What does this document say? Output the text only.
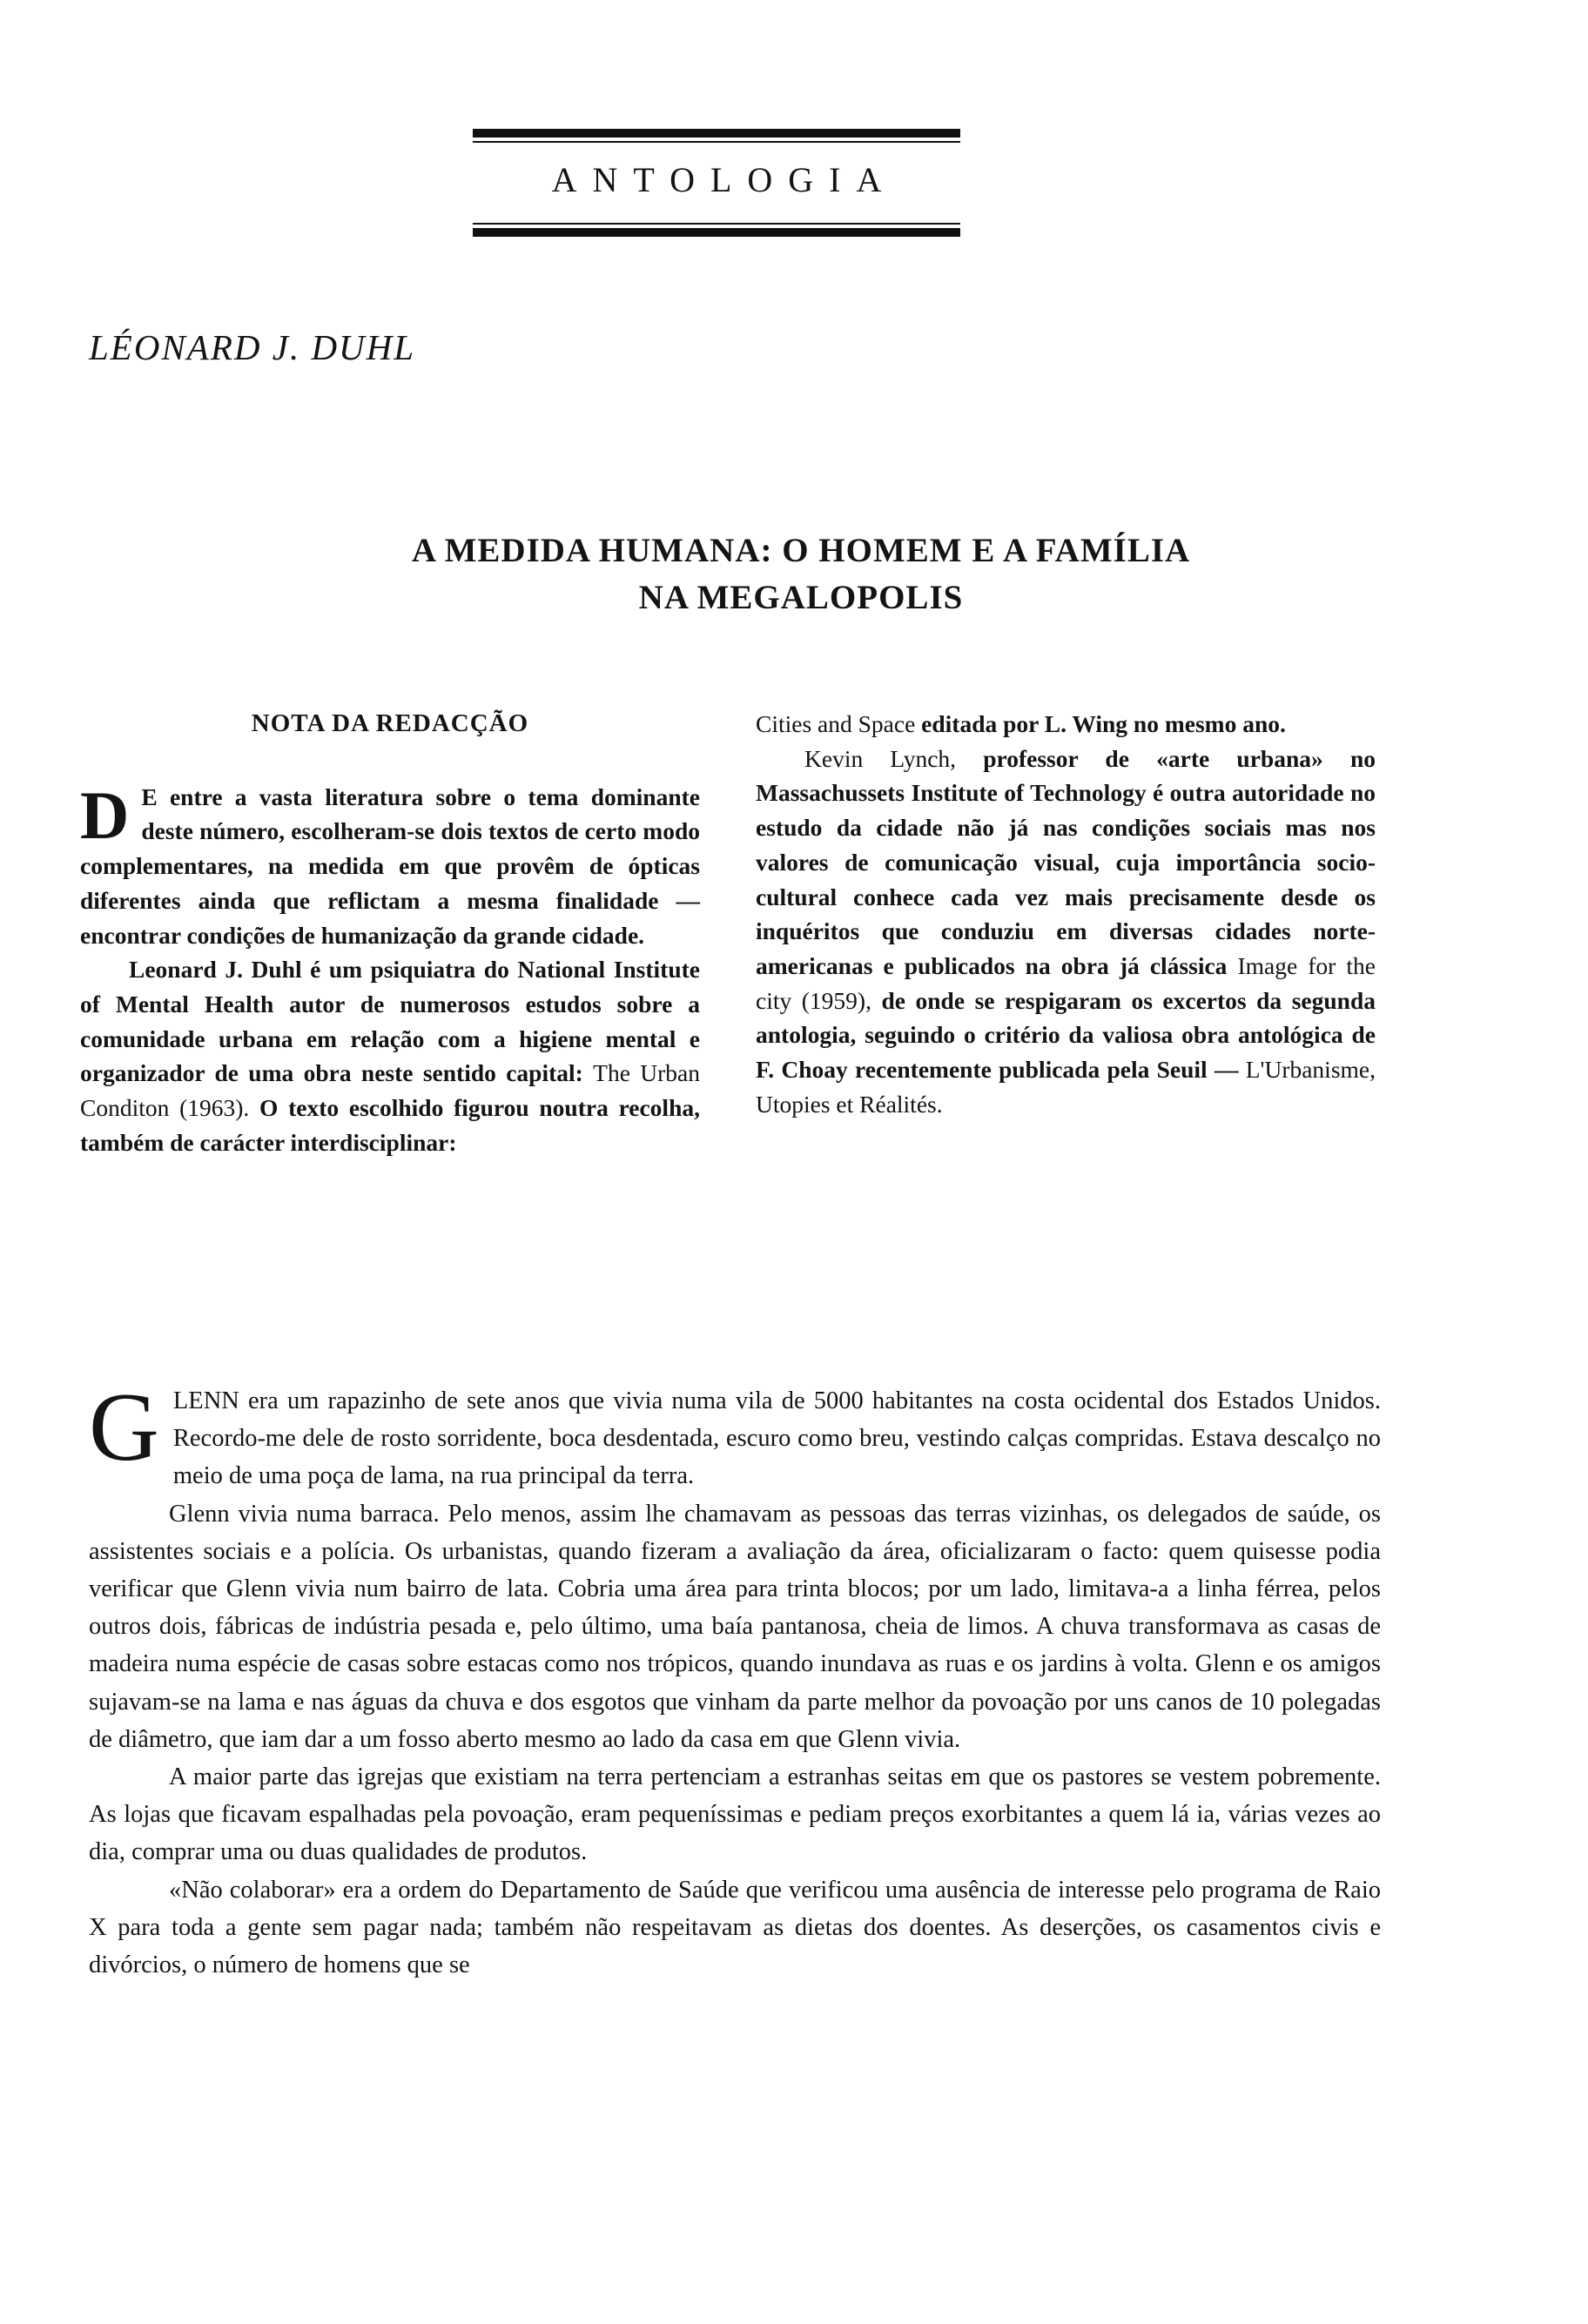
ANTOLOGIA
LÉONARD J. DUHL
A MEDIDA HUMANA: O HOMEM E A FAMÍLIA
NA MEGALOPOLIS
NOTA DA REDACÇÃO

D E entre a vasta literatura sobre o tema dominante deste número, escolheram-se dois textos de certo modo complementares, na medida em que provêm de ópticas diferentes ainda que reflictam a mesma finalidade — encontrar condições de humanização da grande cidade.

Leonard J. Duhl é um psiquiatra do National Institute of Mental Health autor de numerosos estudos sobre a comunidade urbana em relação com a higiene mental e organizador de uma obra neste sentido capital: The Urban Conditon (1963). O texto escolhido figurou noutra recolha, também de carácter interdisciplinar:

Cities and Space editada por L. Wing no mesmo ano.

Kevin Lynch, professor de «arte urbana» no Massachussets Institute of Technology é outra autoridade no estudo da cidade não já nas condições sociais mas nos valores de comunicação visual, cuja importância socio-cultural conhece cada vez mais precisamente desde os inquéritos que conduziu em diversas cidades norte-americanas e publicados na obra já clássica Image for the city (1959), de onde se respigaram os excertos da segunda antologia, seguindo o critério da valiosa obra antológica de F. Choay recentemente publicada pela Seuil — L'Urbanisme, Utopies et Réalités.

GLENN era um rapazinho de sete anos que vivia numa vila de 5000 habitantes na costa ocidental dos Estados Unidos. Recordo-me dele de rosto sorridente, boca desdentada, escuro como breu, vestindo calças compridas. Estava descalço no meio de uma poça de lama, na rua principal da terra.

Glenn vivia numa barraca. Pelo menos, assim lhe chamavam as pessoas das terras vizinhas, os delegados de saúde, os assistentes sociais e a polícia. Os urbanistas, quando fizeram a avaliação da área, oficializaram o facto: quem quisesse podia verificar que Glenn vivia num bairro de lata. Cobria uma área para trinta blocos; por um lado, limitava-a a linha férrea, pelos outros dois, fábricas de indústria pesada e, pelo último, uma baía pantanosa, cheia de limos. A chuva transformava as casas de madeira numa espécie de casas sobre estacas como nos trópicos, quando inundava as ruas e os jardins à volta. Glenn e os amigos sujavam-se na lama e nas águas da chuva e dos esgotos que vinham da parte melhor da povoação por uns canos de 10 polegadas de diâmetro, que iam dar a um fosso aberto mesmo ao lado da casa em que Glenn vivia.

A maior parte das igrejas que existiam na terra pertenciam a estranhas seitas em que os pastores se vestem pobremente. As lojas que ficavam espalhadas pela povoação, eram pequeníssimas e pediam preços exorbitantes a quem lá ia, várias vezes ao dia, comprar uma ou duas qualidades de produtos.

«Não colaborar» era a ordem do Departamento de Saúde que verificou uma ausência de interesse pelo programa de Raio X para toda a gente sem pagar nada; também não respeitavam as dietas dos doentes. As deserções, os casamentos civis e divórcios, o número de homens que se
